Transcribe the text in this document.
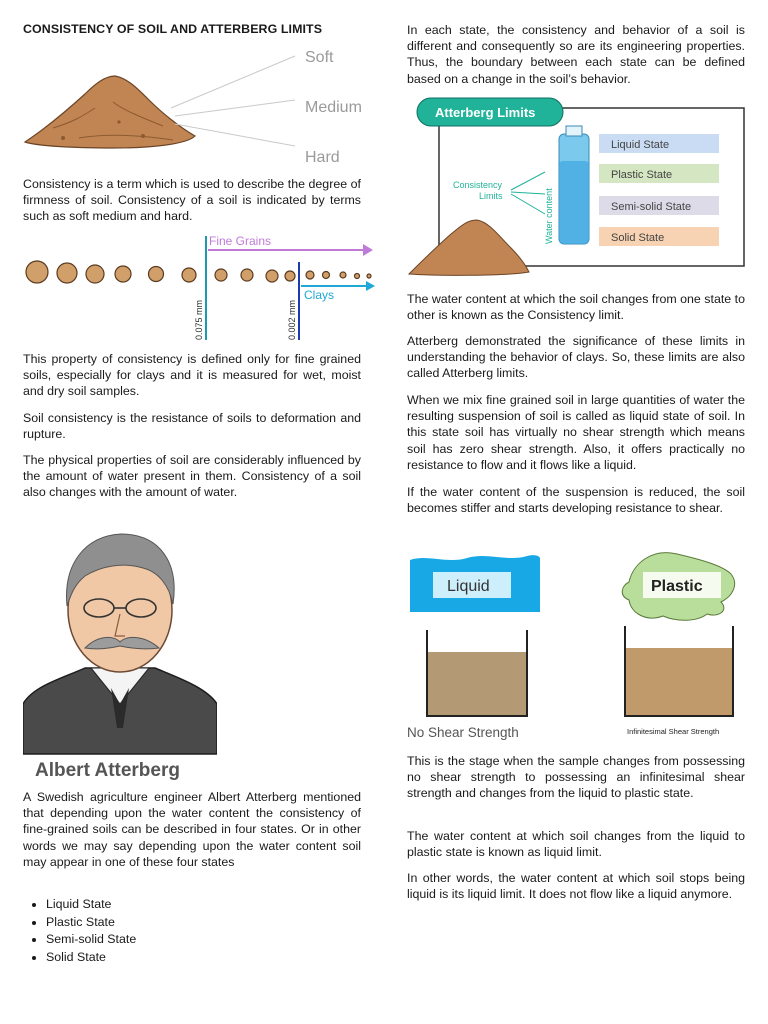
CONSISTENCY OF SOIL AND ATTERBERG LIMITS
Soft
Medium
Hard

Consistency is a term which is used to describe the degree of firmness of soil. Consistency of a soil is indicated by terms such as soft medium and hard.

Fine Grains
Clays
0.075 mm	0.002 mm

This property of consistency is defined only for fine grained soils, especially for clays and it is measured for wet, moist and dry soil samples.

Soil consistency is the resistance of soils to deformation and rupture.

The physical properties of soil are considerably influenced by the amount of water present in them. Consistency of a soil also changes with the amount of water.

Albert Atterberg

A Swedish agriculture engineer Albert Atterberg mentioned that depending upon the water content the consistency of fine-grained soils can be described in four states. Or in other words we may say depending upon the water content soil may appear in one of these four states

• Liquid State
• Plastic State
• Semi-solid State
• Solid State

In each state, the consistency and behavior of a soil is different and consequently so are its engineering properties. Thus, the boundary between each state can be defined based on a change in the soil’s behavior.

Atterberg Limits
Consistency
Limits	Water content
Liquid State
Plastic State
Semi-solid State
Solid State

The water content at which the soil changes from one state to other is known as the Consistency limit.

Atterberg demonstrated the significance of these limits in understanding the behavior of clays. So, these limits are also called Atterberg limits.

When we mix fine grained soil in large quantities of water the resulting suspension of soil is called as liquid state of soil. In this state soil has virtually no shear strength which means soil has zero shear strength. Also, it offers practically no resistance to flow and it flows like a liquid.

If the water content of the suspension is reduced, the soil becomes stiffer and starts developing resistance to shear.

Liquid	Plastic
No Shear Strength	Infinitesimal Shear Strength

This is the stage when the sample changes from possessing no shear strength to possessing an infinitesimal shear strength and changes from the liquid to plastic state.

The water content at which soil changes from the liquid to plastic state is known as liquid limit.

In other words, the water content at which soil stops being liquid is its liquid limit. It does not flow like a liquid anymore.
